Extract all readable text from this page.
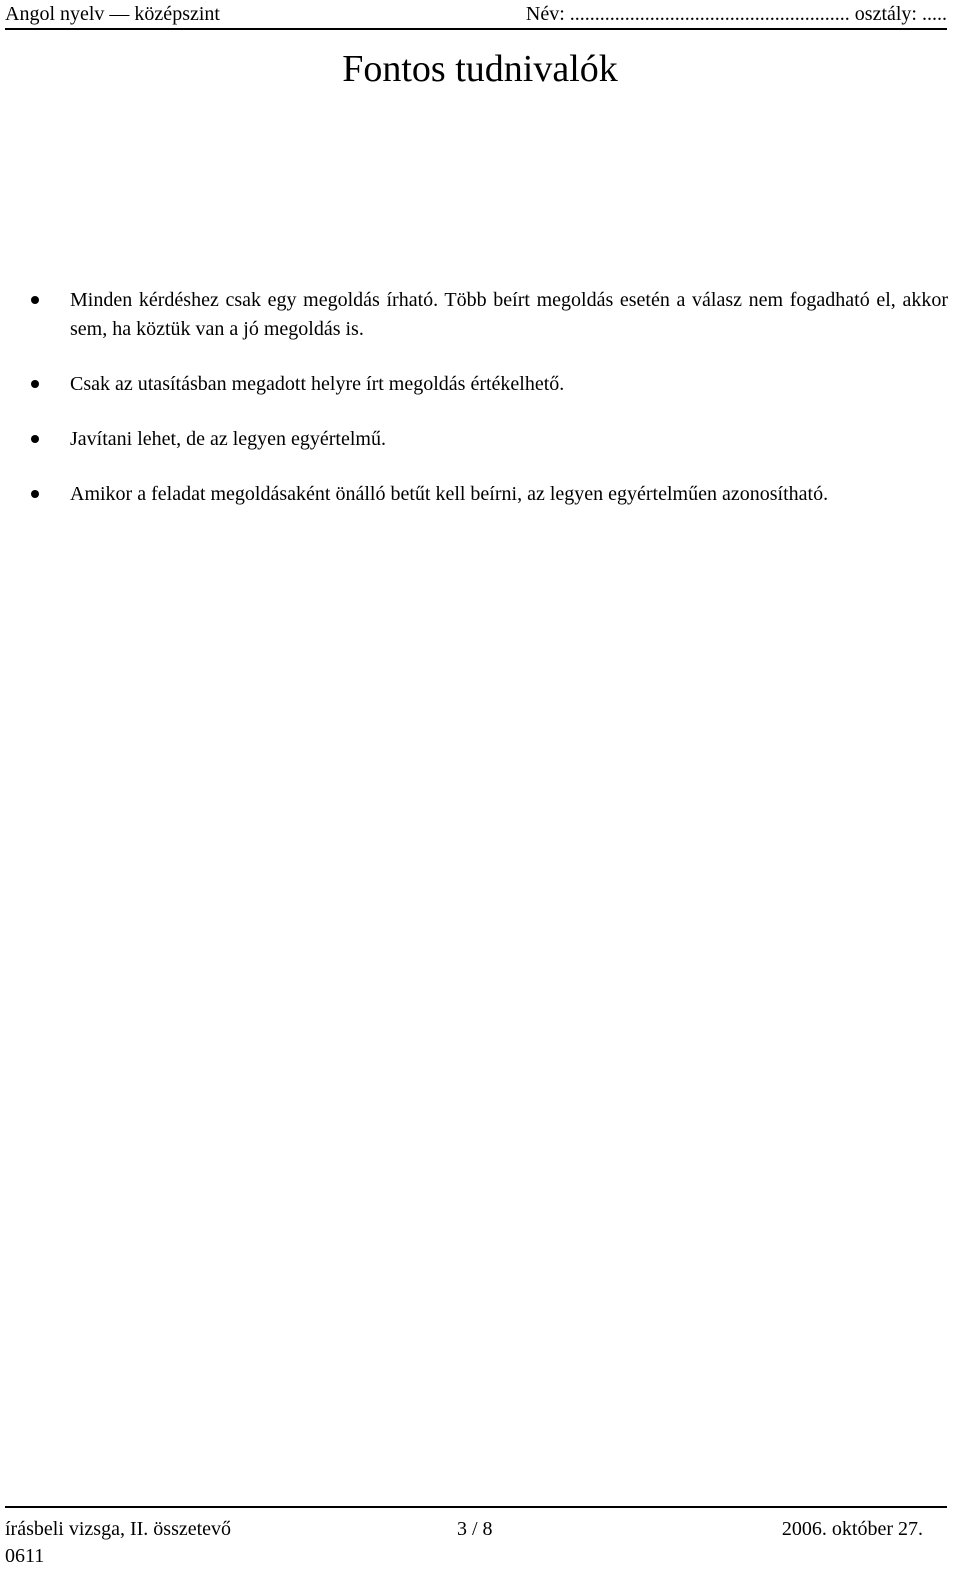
Angol nyelv — középszint	Név: ........................................................ osztály: .....
Fontos tudnivalók
Minden kérdéshez csak egy megoldás írható. Több beírt megoldás esetén a válasz nem fogadható el, akkor sem, ha köztük van a jó megoldás is.
Csak az utasításban megadott helyre írt megoldás értékelhető.
Javítani lehet, de az legyen egyértelmű.
Amikor a feladat megoldásaként önálló betűt kell beírni, az legyen egyértelműen azonosítható.
írásbeli vizsga, II. összetevő	3 / 8	2006. október 27.
0611
